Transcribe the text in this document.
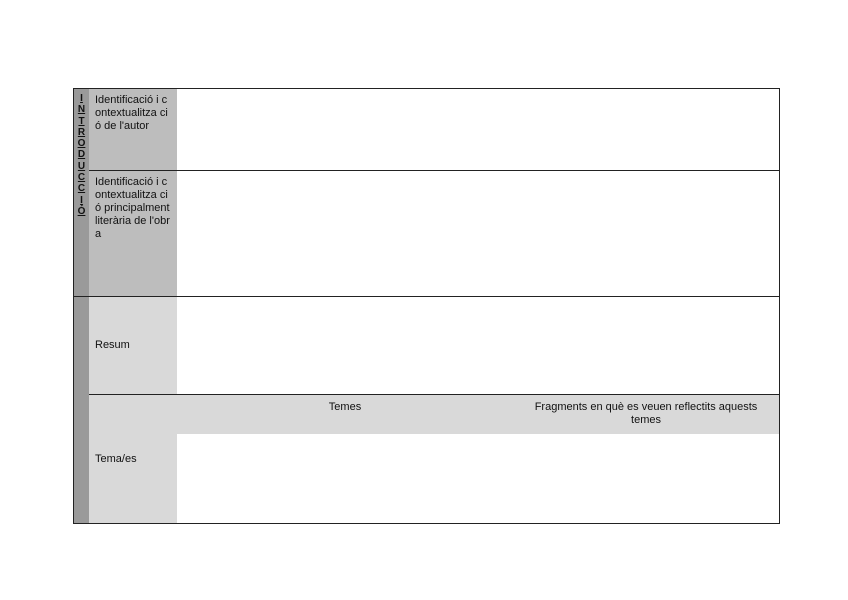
I
N
T
R
O
D
U
C
C
I
Ó
Identificació i contextualitza ció de l'autor
Identificació i contextualitza ció principalment literària de l'obra
Resum
Tema/es
Temes	Fragments en què es veuen reflectits aquests temes
